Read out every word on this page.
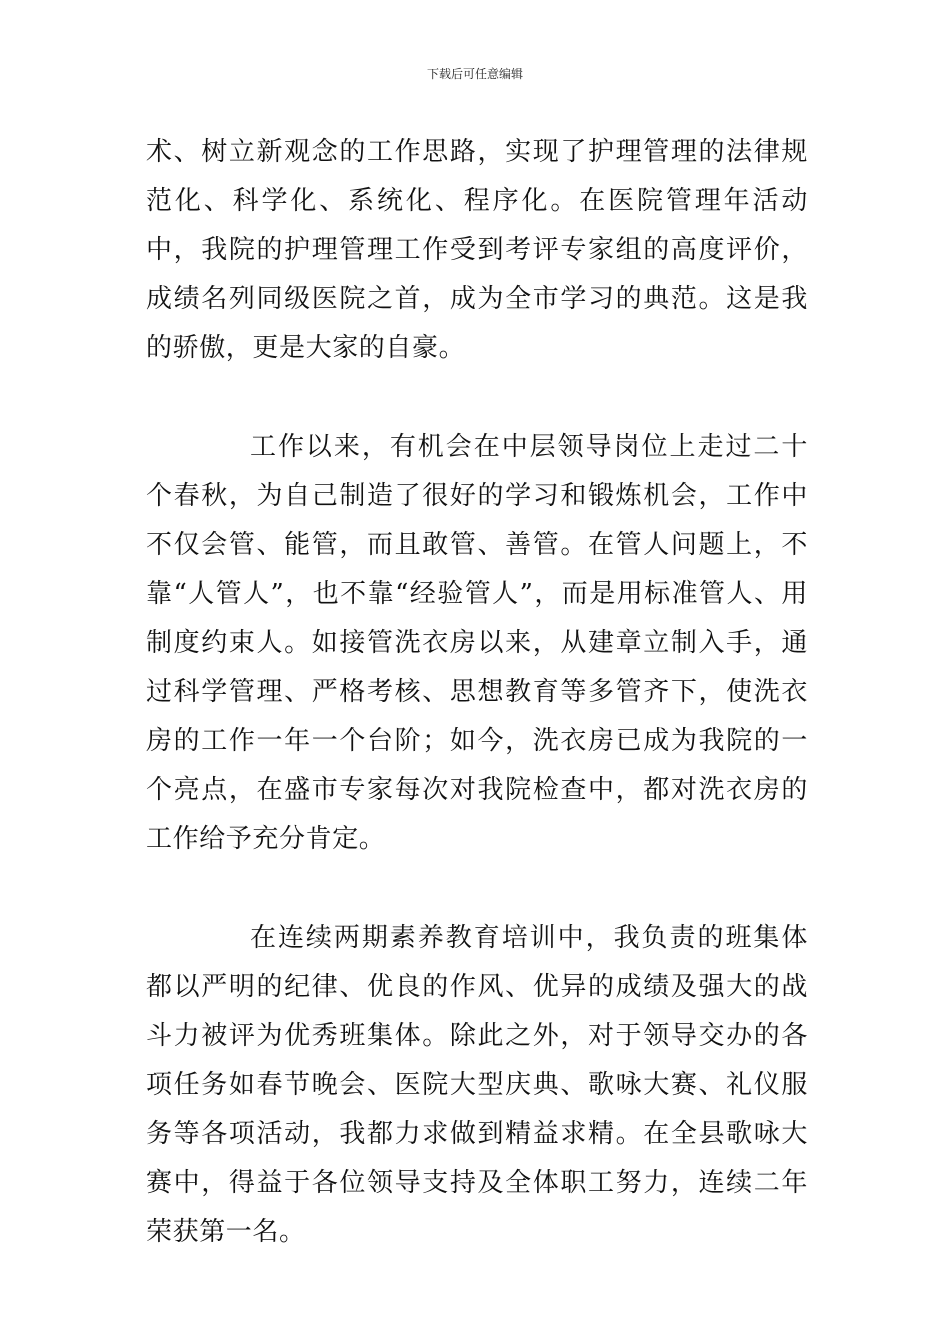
下载后可任意编辑

术、树立新观念的工作思路，实现了护理管理的法律规范化、科学化、系统化、程序化。在医院管理年活动中，我院的护理管理工作受到考评专家组的高度评价，成绩名列同级医院之首，成为全市学习的典范。这是我的骄傲，更是大家的自豪。

工作以来，有机会在中层领导岗位上走过二十个春秋，为自己制造了很好的学习和锻炼机会，工作中不仅会管、能管，而且敢管、善管。在管人问题上，不靠“人管人”，也不靠“经验管人”，而是用标准管人、用制度约束人。如接管洗衣房以来，从建章立制入手，通过科学管理、严格考核、思想教育等多管齐下，使洗衣房的工作一年一个台阶；如今，洗衣房已成为我院的一个亮点，在盛市专家每次对我院检查中，都对洗衣房的工作给予充分肯定。

在连续两期素养教育培训中，我负责的班集体都以严明的纪律、优良的作风、优异的成绩及强大的战斗力被评为优秀班集体。除此之外，对于领导交办的各项任务如春节晚会、医院大型庆典、歌咏大赛、礼仪服务等各项活动，我都力求做到精益求精。在全县歌咏大赛中，得益于各位领导支持及全体职工努力，连续二年荣获第一名。
